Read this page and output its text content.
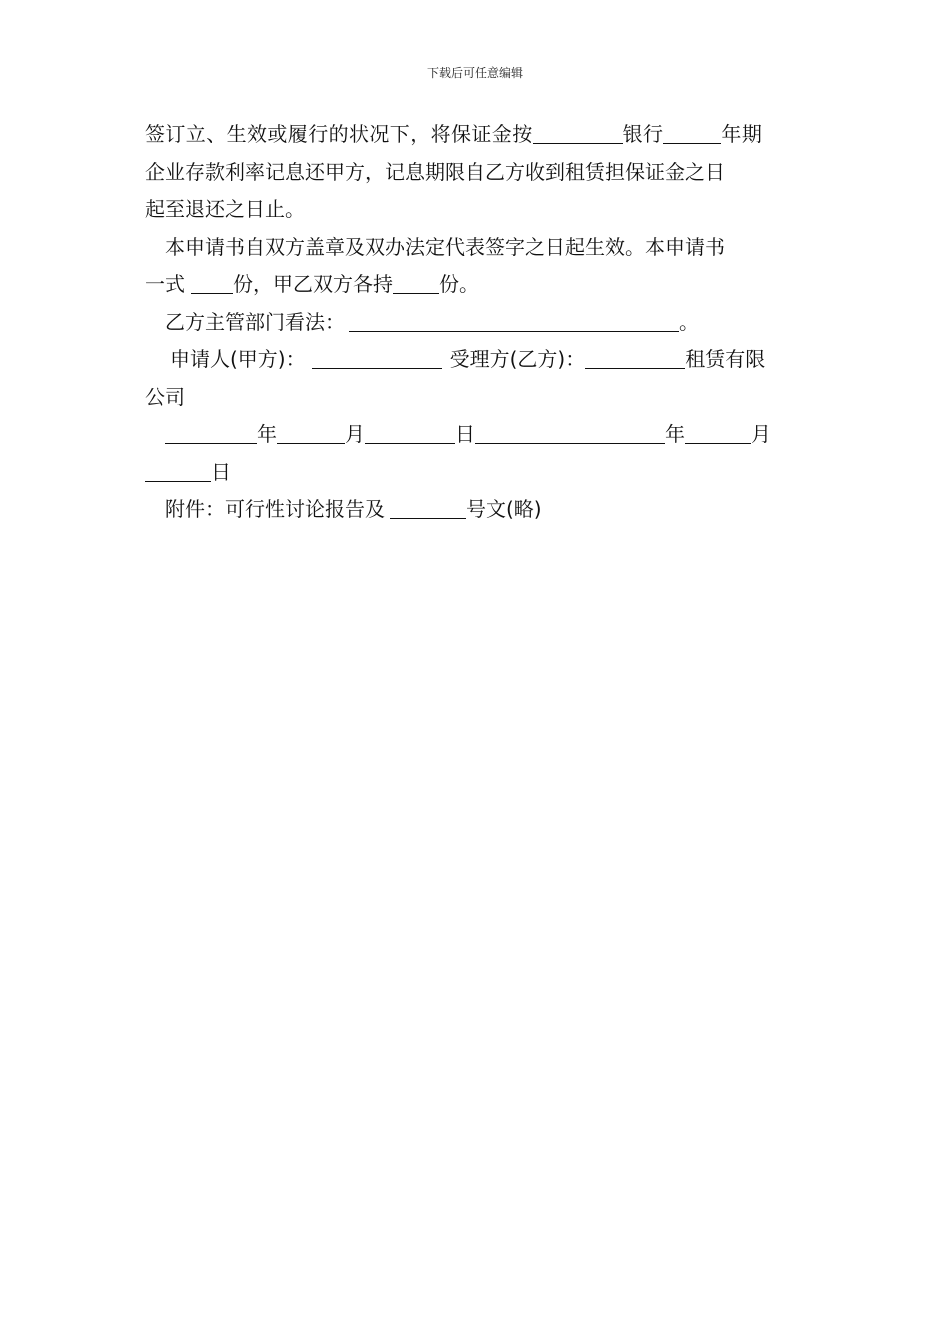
下载后可任意编辑
签订立、生效或履行的状况下，将保证金按	银行	年期
企业存款利率记息还甲方，记息期限自乙方收到租赁担保证金之日
起至退还之日止。
本申请书自双方盖章及双办法定代表签字之日起生效。本申请书
一式 份，甲乙双方各持 份。
乙方主管部门看法：	。
申请人(甲方)：	受理方(乙方)：	租赁有限
公司
年	月	日	年	月
日
附件：可行性讨论报告及	号文(略)
